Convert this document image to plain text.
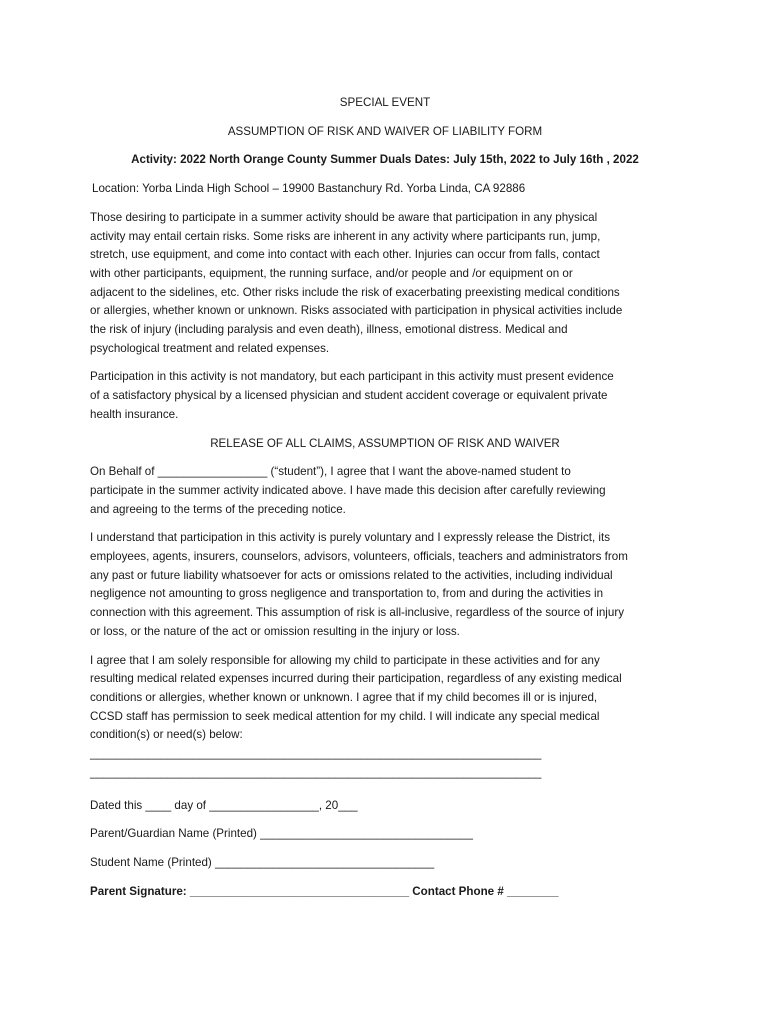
SPECIAL EVENT
ASSUMPTION OF RISK AND WAIVER OF LIABILITY FORM
Activity: 2022 North Orange County Summer Duals Dates: July 15th, 2022 to July 16th , 2022
Location: Yorba Linda High School – 19900 Bastanchury Rd. Yorba Linda, CA 92886
Those desiring to participate in a summer activity should be aware that participation in any physical
activity may entail certain risks. Some risks are inherent in any activity where participants run, jump,
stretch, use equipment, and come into contact with each other. Injuries can occur from falls, contact
with other participants, equipment, the running surface, and/or people and /or equipment on or
adjacent to the sidelines, etc. Other risks include the risk of exacerbating preexisting medical conditions
or allergies, whether known or unknown. Risks associated with participation in physical activities include
the risk of injury (including paralysis and even death), illness, emotional distress. Medical and
psychological treatment and related expenses.
Participation in this activity is not mandatory, but each participant in this activity must present evidence
of a satisfactory physical by a licensed physician and student accident coverage or equivalent private
health insurance.
RELEASE OF ALL CLAIMS, ASSUMPTION OF RISK AND WAIVER
On Behalf of _________________ (“student”), I agree that I want the above-named student to
participate in the summer activity indicated above. I have made this decision after carefully reviewing
and agreeing to the terms of the preceding notice.
I understand that participation in this activity is purely voluntary and I expressly release the District, its
employees, agents, insurers, counselors, advisors, volunteers, officials, teachers and administrators from
any past or future liability whatsoever for acts or omissions related to the activities, including individual
negligence not amounting to gross negligence and transportation to, from and during the activities in
connection with this agreement. This assumption of risk is all-inclusive, regardless of the source of injury
or loss, or the nature of the act or omission resulting in the injury or loss.
I agree that I am solely responsible for allowing my child to participate in these activities and for any
resulting medical related expenses incurred during their participation, regardless of any existing medical
conditions or allergies, whether known or unknown. I agree that if my child becomes ill or is injured,
CCSD staff has permission to seek medical attention for my child. I will indicate any special medical
condition(s) or need(s) below:
______________________________________________________________________
______________________________________________________________________
Dated this ____ day of _________________, 20___
Parent/Guardian Name (Printed) _________________________________
Student Name (Printed) __________________________________
Parent Signature: __________________________________ Contact Phone # ________
